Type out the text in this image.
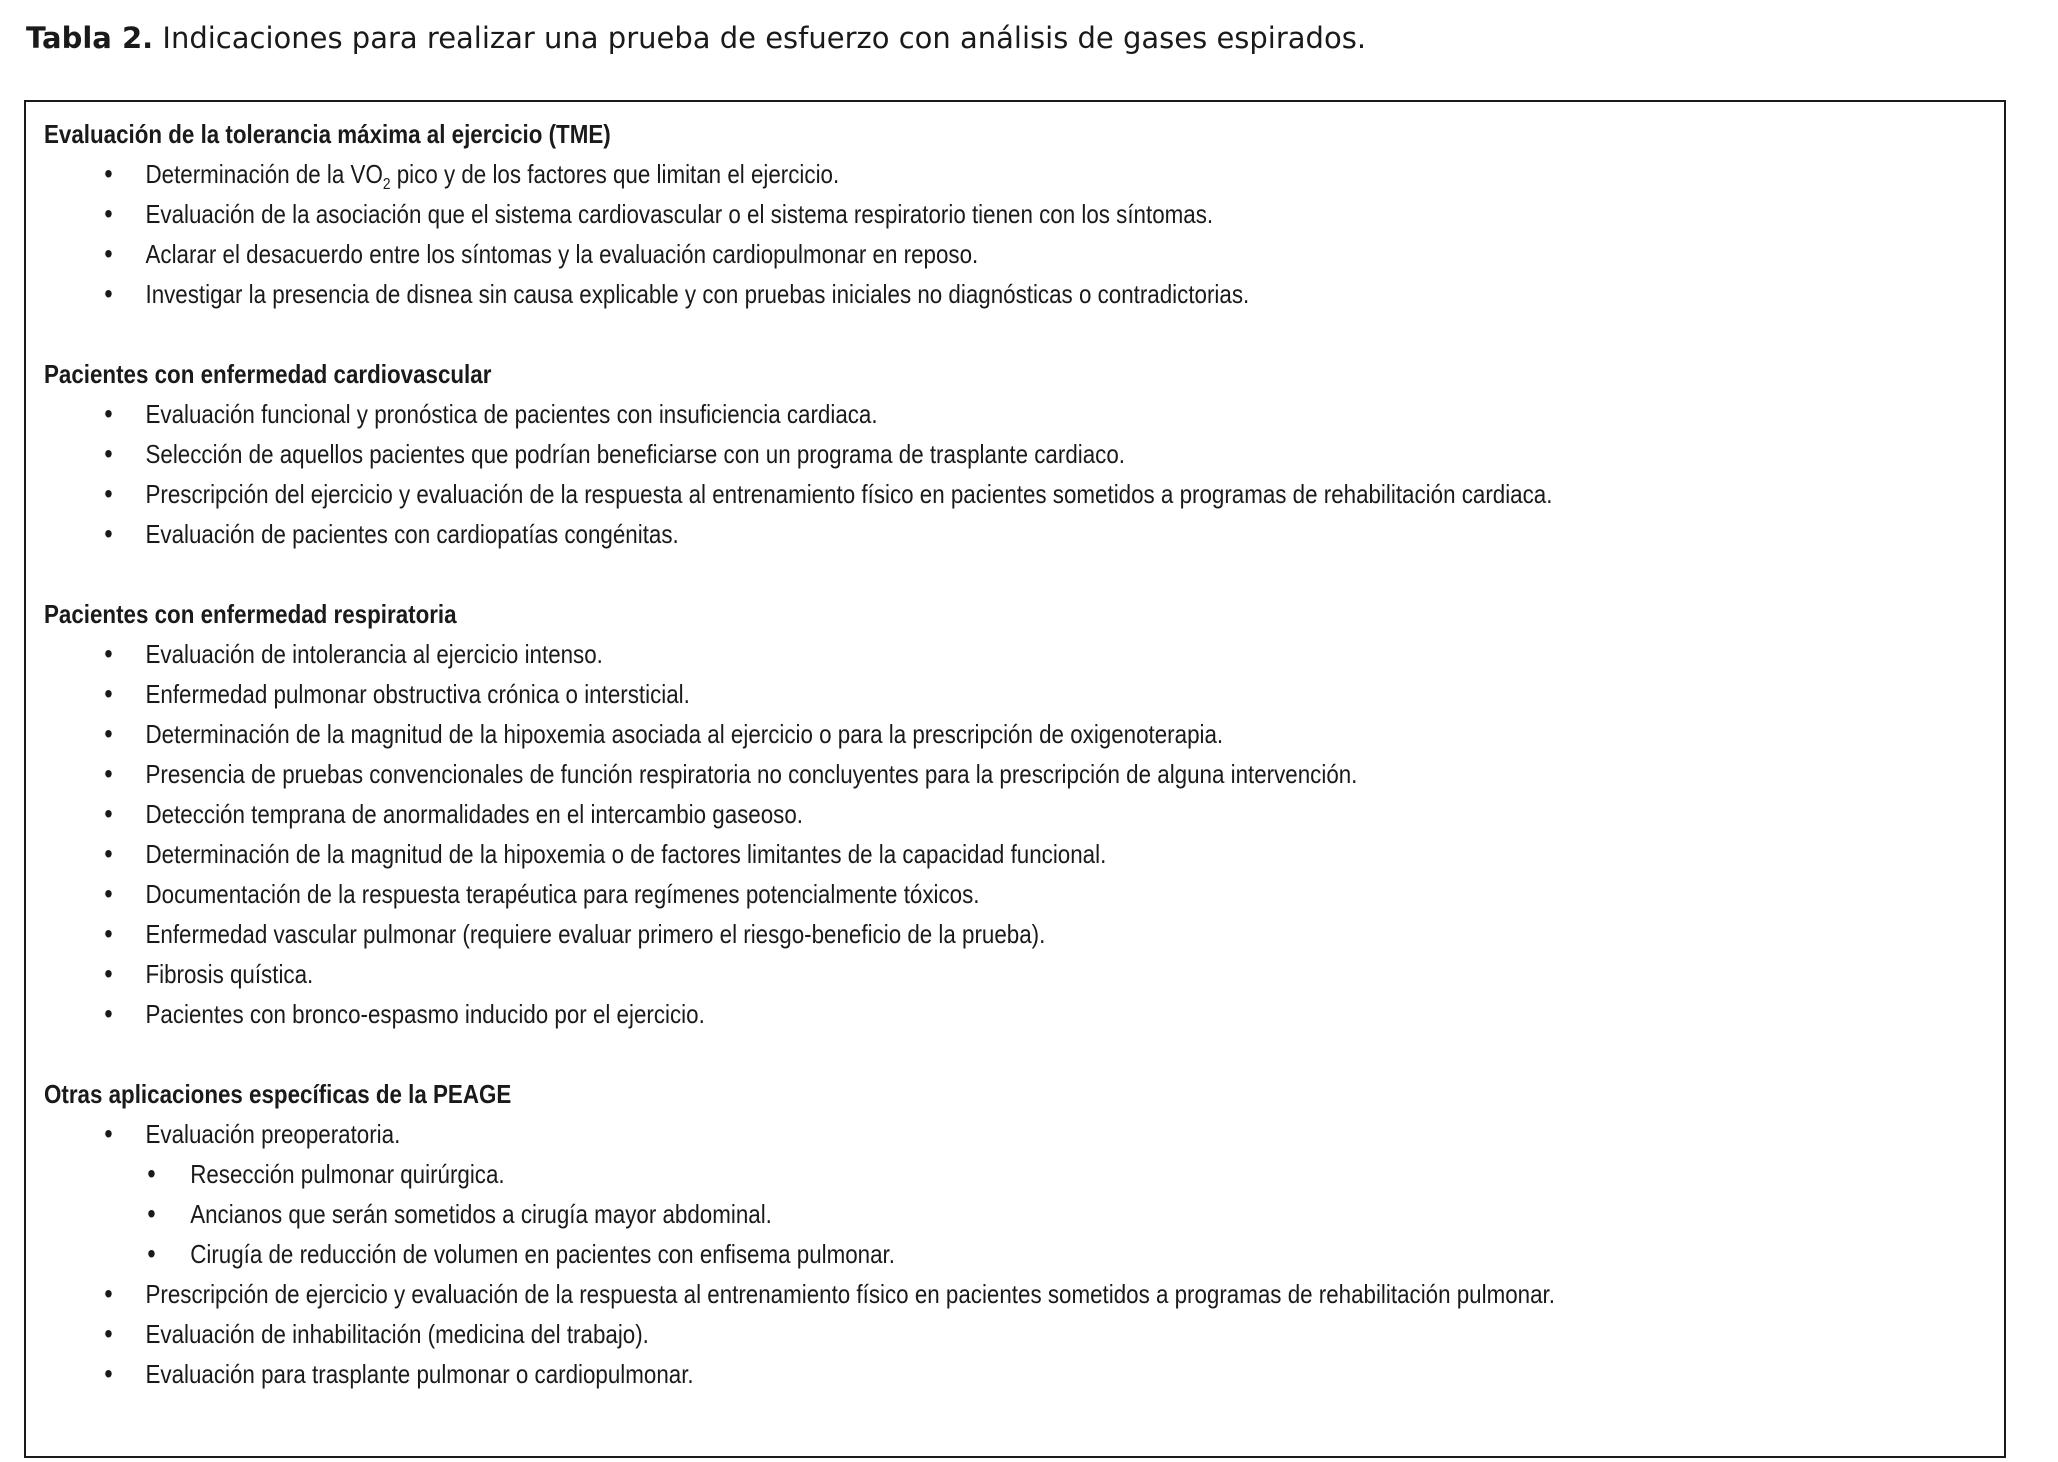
Tabla 2. Indicaciones para realizar una prueba de esfuerzo con análisis de gases espirados.
Evaluación de la tolerancia máxima al ejercicio (TME)
• Determinación de la $VO_2$ pico y de los factores que limitan el ejercicio.
• Evaluación de la asociación que el sistema cardiovascular o el sistema respiratorio tienen con los síntomas.
• Aclarar el desacuerdo entre los síntomas y la evaluación cardiopulmonar en reposo.
• Investigar la presencia de disnea sin causa explicable y con pruebas iniciales no diagnósticas o contradictorias.
Pacientes con enfermedad cardiovascular
• Evaluación funcional y pronóstica de pacientes con insuficiencia cardiaca.
• Selección de aquellos pacientes que podrían beneficiarse con un programa de trasplante cardiaco.
• Prescripción del ejercicio y evaluación de la respuesta al entrenamiento físico en pacientes sometidos a programas de rehabilitación cardiaca.
• Evaluación de pacientes con cardiopatías congénitas.
Pacientes con enfermedad respiratoria
• Evaluación de intolerancia al ejercicio intenso.
• Enfermedad pulmonar obstructiva crónica o intersticial.
• Determinación de la magnitud de la hipoxemia asociada al ejercicio o para la prescripción de oxigenoterapia.
• Presencia de pruebas convencionales de función respiratoria no concluyentes para la prescripción de alguna intervención.
• Detección temprana de anormalidades en el intercambio gaseoso.
• Determinación de la magnitud de la hipoxemia o de factores limitantes de la capacidad funcional.
• Documentación de la respuesta terapéutica para regímenes potencialmente tóxicos.
• Enfermedad vascular pulmonar (requiere evaluar primero el riesgo-beneficio de la prueba).
• Fibrosis quística.
• Pacientes con bronco-espasmo inducido por el ejercicio.
Otras aplicaciones específicas de la PEAGE
• Evaluación preoperatoria.
• Resección pulmonar quirúrgica.
• Ancianos que serán sometidos a cirugía mayor abdominal.
• Cirugía de reducción de volumen en pacientes con enfisema pulmonar.
• Prescripción de ejercicio y evaluación de la respuesta al entrenamiento físico en pacientes sometidos a programas de rehabilitación pulmonar.
• Evaluación de inhabilitación (medicina del trabajo).
• Evaluación para trasplante pulmonar o cardiopulmonar.
